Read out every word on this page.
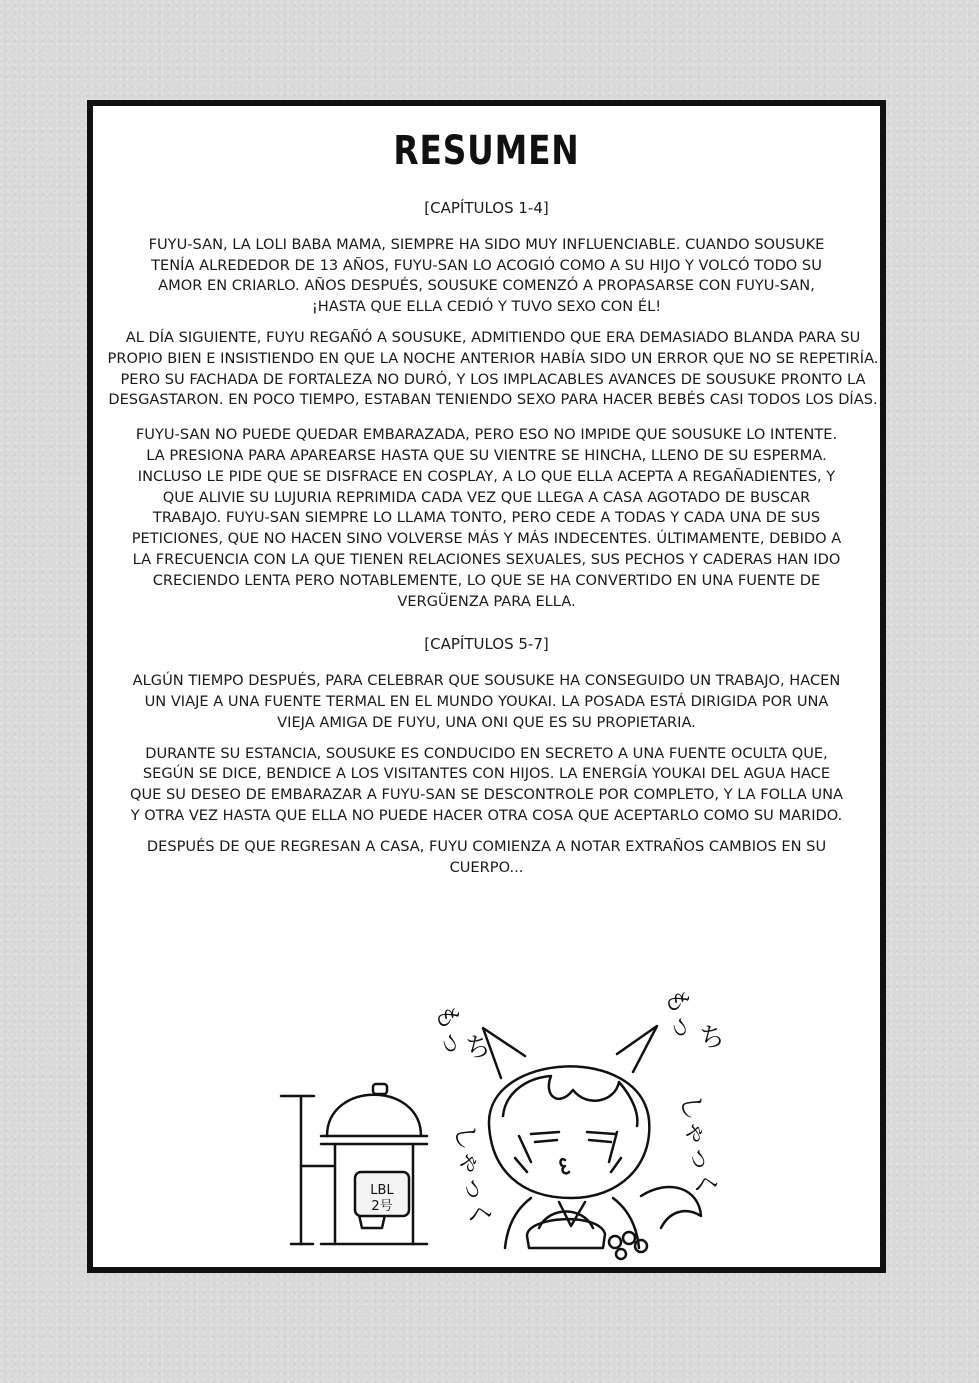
RESUMEN
[CAPÍTULOS 1-4]
FUYU-SAN, LA LOLI BABA MAMA, SIEMPRE HA SIDO MUY INFLUENCIABLE. CUANDO SOUSUKE TENÍA ALREDEDOR DE 13 AÑOS, FUYU-SAN LO ACOGIÓ COMO A SU HIJO Y VOLCÓ TODO SU AMOR EN CRIARLO. AÑOS DESPUÉS, SOUSUKE COMENZÓ A PROPASARSE CON FUYU-SAN, ¡HASTA QUE ELLA CEDIÓ Y TUVO SEXO CON ÉL!
AL DÍA SIGUIENTE, FUYU REGAÑÓ A SOUSUKE, ADMITIENDO QUE ERA DEMASIADO BLANDA PARA SU PROPIO BIEN E INSISTIENDO EN QUE LA NOCHE ANTERIOR HABÍA SIDO UN ERROR QUE NO SE REPETIRÍA. PERO SU FACHADA DE FORTALEZA NO DURÓ, Y LOS IMPLACABLES AVANCES DE SOUSUKE PRONTO LA DESGASTARON. EN POCO TIEMPO, ESTABAN TENIENDO SEXO PARA HACER BEBÉS CASI TODOS LOS DÍAS.
FUYU-SAN NO PUEDE QUEDAR EMBARAZADA, PERO ESO NO IMPIDE QUE SOUSUKE LO INTENTE. LA PRESIONA PARA APAREARSE HASTA QUE SU VIENTRE SE HINCHA, LLENO DE SU ESPERMA. INCLUSO LE PIDE QUE SE DISFRACE EN COSPLAY, A LO QUE ELLA ACEPTA A REGAÑADIENTES, Y QUE ALIVIE SU LUJURIA REPRIMIDA CADA VEZ QUE LLEGA A CASA AGOTADO DE BUSCAR TRABAJO. FUYU-SAN SIEMPRE LO LLAMA TONTO, PERO CEDE A TODAS Y CADA UNA DE SUS PETICIONES, QUE NO HACEN SINO VOLVERSE MÁS Y MÁS INDECENTES. ÚLTIMAMENTE, DEBIDO A LA FRECUENCIA CON LA QUE TIENEN RELACIONES SEXUALES, SUS PECHOS Y CADERAS HAN IDO CRECIENDO LENTA PERO NOTABLEMENTE, LO QUE SE HA CONVERTIDO EN UNA FUENTE DE VERGÜENZA PARA ELLA.
[CAPÍTULOS 5-7]
ALGÚN TIEMPO DESPUÉS, PARA CELEBRAR QUE SOUSUKE HA CONSEGUIDO UN TRABAJO, HACEN UN VIAJE A UNA FUENTE TERMAL EN EL MUNDO YOUKAI. LA POSADA ESTÁ DIRIGIDA POR UNA VIEJA AMIGA DE FUYU, UNA ONI QUE ES SU PROPIETARIA.
DURANTE SU ESTANCIA, SOUSUKE ES CONDUCIDO EN SECRETO A UNA FUENTE OCULTA QUE, SEGÚN SE DICE, BENDICE A LOS VISITANTES CON HIJOS. LA ENERGÍA YOUKAI DEL AGUA HACE QUE SU DESEO DE EMBARAZAR A FUYU-SAN SE DESCONTROLE POR COMPLETO, Y LA FOLLA UNA Y OTRA VEZ HASTA QUE ELLA NO PUEDE HACER OTRA COSA QUE ACEPTARLO COMO SU MARIDO.
DESPUÉS DE QUE REGRESAN A CASA, FUYU COMIENZA A NOTAR EXTRAÑOS CAMBIOS EN SU CUERPO...
LBL
2号
もっ
ち
しゃっく
もっ ち
しゃっく
